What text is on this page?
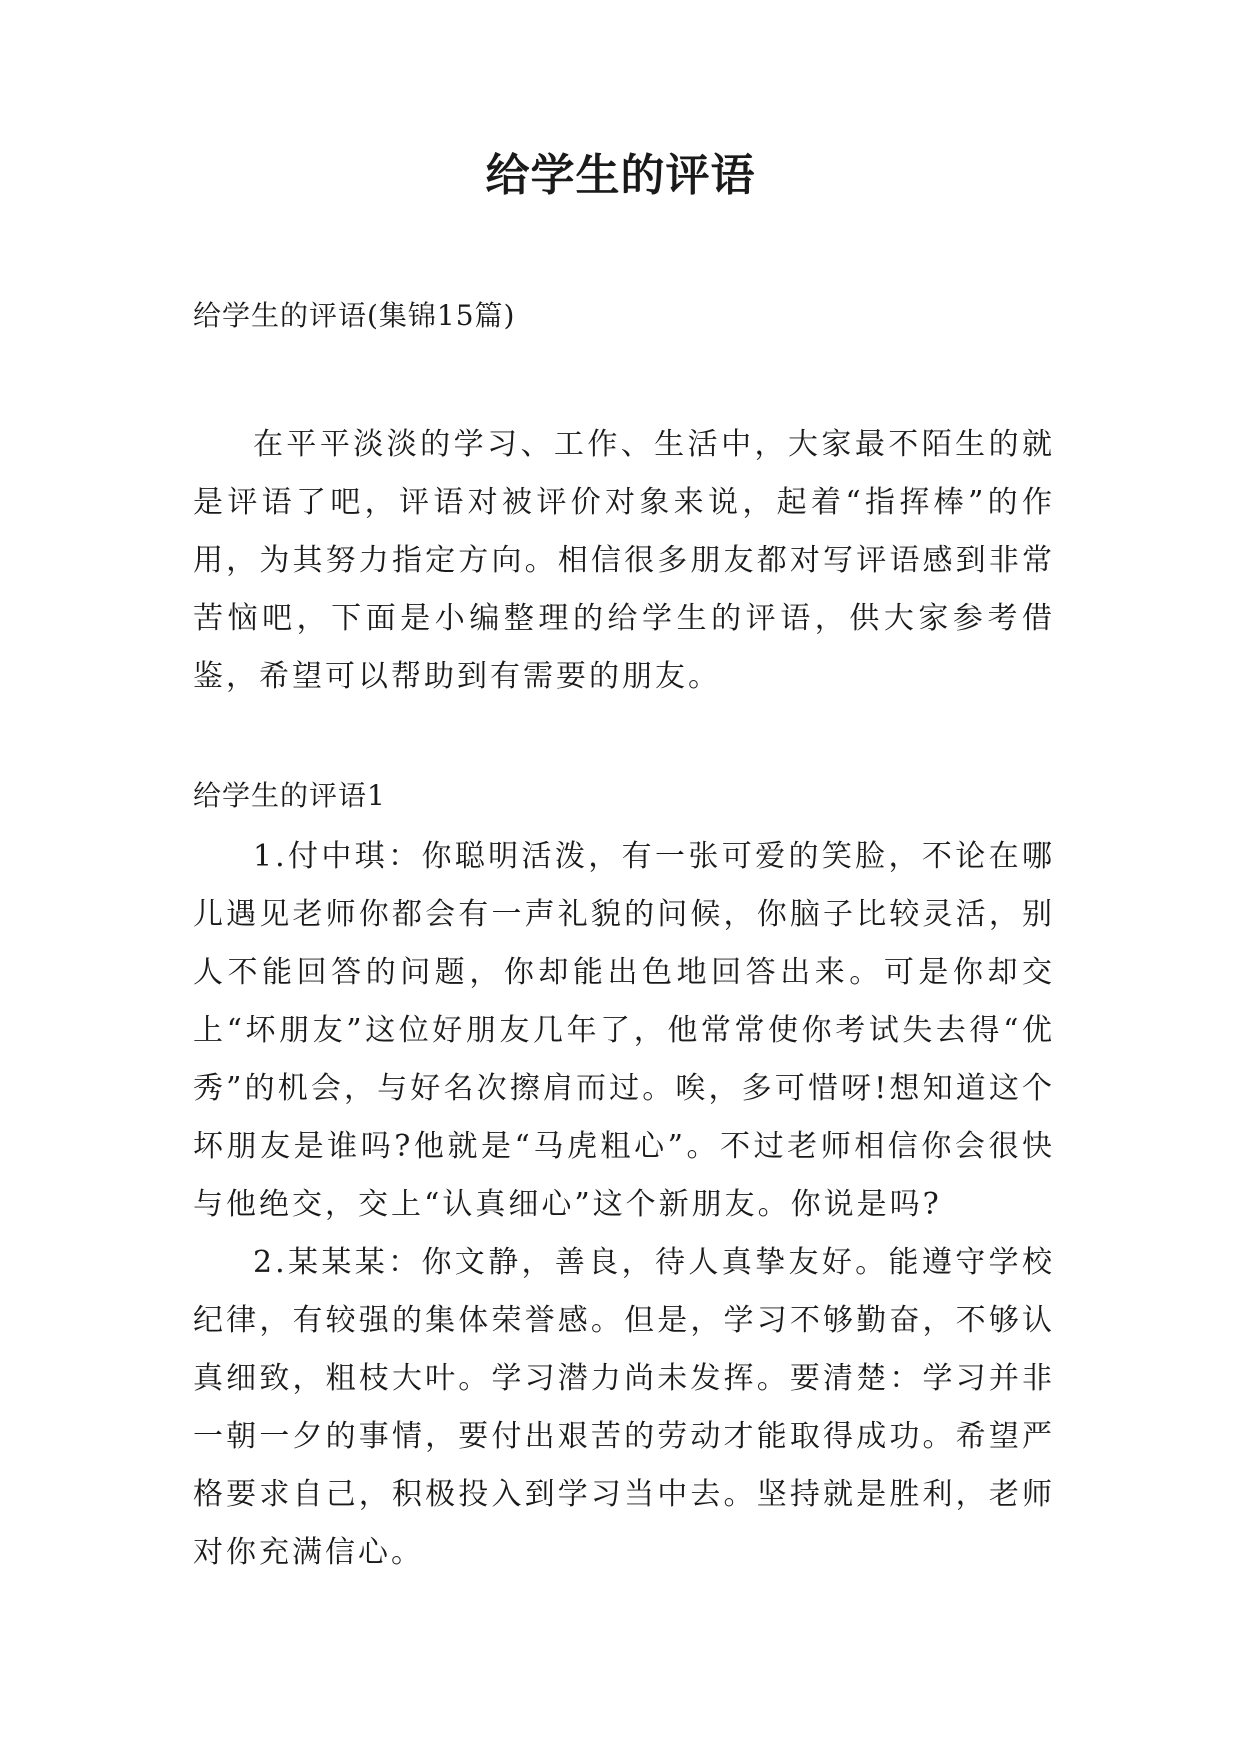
给学生的评语

给学生的评语(集锦15篇)

在平平淡淡的学习、工作、生活中，大家最不陌生的就是评语了吧，评语对被评价对象来说，起着“指挥棒”的作用，为其努力指定方向。相信很多朋友都对写评语感到非常苦恼吧，下面是小编整理的给学生的评语，供大家参考借鉴，希望可以帮助到有需要的朋友。

给学生的评语1

1.付中琪：你聪明活泼，有一张可爱的笑脸，不论在哪儿遇见老师你都会有一声礼貌的问候，你脑子比较灵活，别人不能回答的问题，你却能出色地回答出来。可是你却交上“坏朋友”这位好朋友几年了，他常常使你考试失去得“优秀”的机会，与好名次擦肩而过。唉，多可惜呀!想知道这个坏朋友是谁吗?他就是“马虎粗心”。不过老师相信你会很快与他绝交，交上“认真细心”这个新朋友。你说是吗?

2.某某某：你文静，善良，待人真挚友好。能遵守学校纪律，有较强的集体荣誉感。但是，学习不够勤奋，不够认真细致，粗枝大叶。学习潜力尚未发挥。要清楚：学习并非一朝一夕的事情，要付出艰苦的劳动才能取得成功。希望严格要求自己，积极投入到学习当中去。坚持就是胜利，老师对你充满信心。
